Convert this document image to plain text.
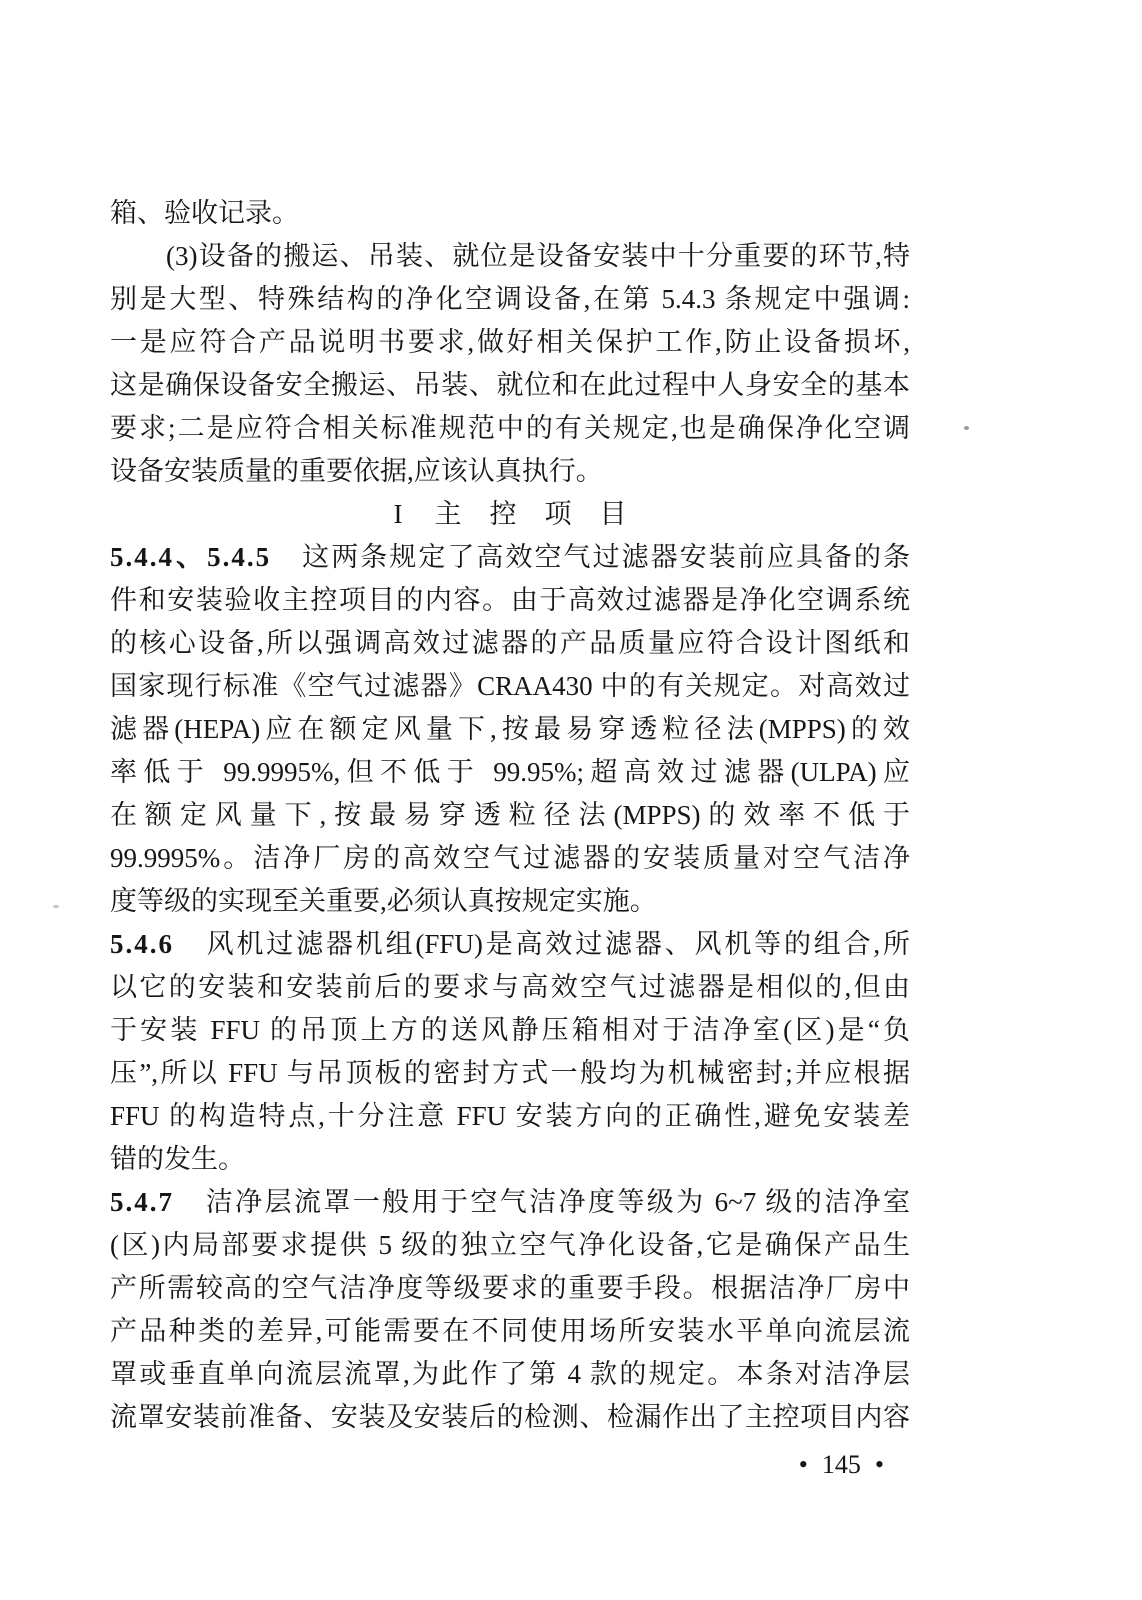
箱、验收记录。
(3)设备的搬运、吊装、就位是设备安装中十分重要的环节,特
别是大型、特殊结构的净化空调设备,在第 5.4.3 条规定中强调:
一是应符合产品说明书要求,做好相关保护工作,防止设备损坏,
这是确保设备安全搬运、吊装、就位和在此过程中人身安全的基本
要求;二是应符合相关标准规范中的有关规定,也是确保净化空调
设备安装质量的重要依据,应该认真执行。
I 主控项目
5.4.4、5.4.5　这两条规定了高效空气过滤器安装前应具备的条
件和安装验收主控项目的内容。由于高效过滤器是净化空调系统
的核心设备,所以强调高效过滤器的产品质量应符合设计图纸和
国家现行标准《空气过滤器》CRAA430 中的有关规定。对高效过
滤器(HEPA)应在额定风量下,按最易穿透粒径法(MPPS)的效
率低于 99.9995%,但不低于 99.95%;超高效过滤器(ULPA)应
在额定风量下,按最易穿透粒径法(MPPS)的效率不低于
99.9995%。洁净厂房的高效空气过滤器的安装质量对空气洁净
度等级的实现至关重要,必须认真按规定实施。
5.4.6　风机过滤器机组(FFU)是高效过滤器、风机等的组合,所
以它的安装和安装前后的要求与高效空气过滤器是相似的,但由
于安装 FFU 的吊顶上方的送风静压箱相对于洁净室(区)是“负
压”,所以 FFU 与吊顶板的密封方式一般均为机械密封;并应根据
FFU 的构造特点,十分注意 FFU 安装方向的正确性,避免安装差
错的发生。
5.4.7　洁净层流罩一般用于空气洁净度等级为 6~7 级的洁净室
(区)内局部要求提供 5 级的独立空气净化设备,它是确保产品生
产所需较高的空气洁净度等级要求的重要手段。根据洁净厂房中
产品种类的差异,可能需要在不同使用场所安装水平单向流层流
罩或垂直单向流层流罩,为此作了第 4 款的规定。本条对洁净层
流罩安装前准备、安装及安装后的检测、检漏作出了主控项目内容
• 145 •
